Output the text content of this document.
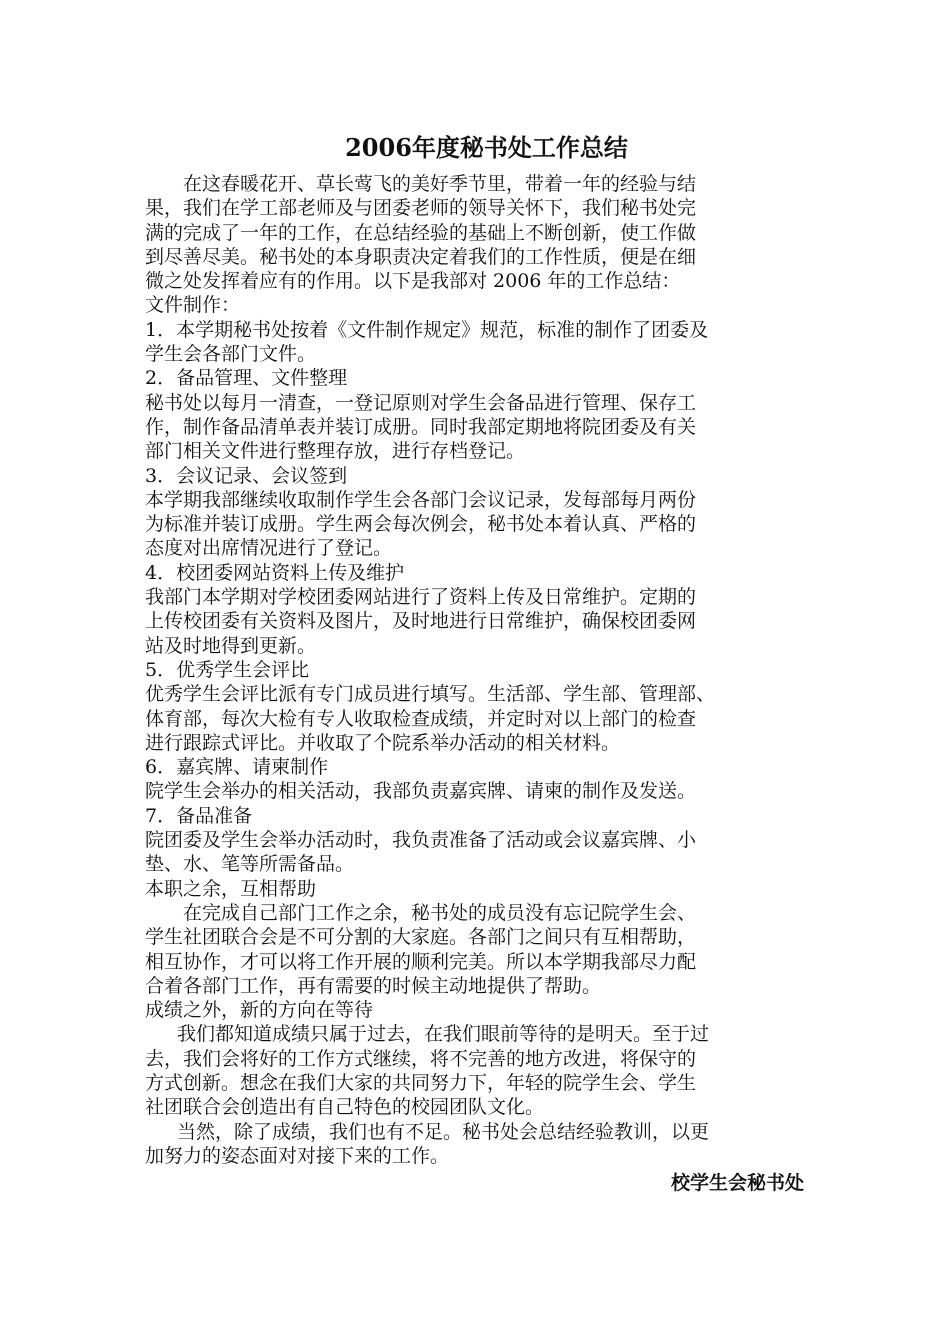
2006年度秘书处工作总结

在这春暖花开、草长莺飞的美好季节里，带着一年的经验与结

果，我们在学工部老师及与团委老师的领导关怀下，我们秘书处完

满的完成了一年的工作，在总结经验的基础上不断创新，使工作做

到尽善尽美。秘书处的本身职责决定着我们的工作性质，便是在细

微之处发挥着应有的作用。以下是我部对 2006 年的工作总结：

文件制作：

1．本学期秘书处按着《文件制作规定》规范，标准的制作了团委及

学生会各部门文件。

2．备品管理、文件整理

秘书处以每月一清查，一登记原则对学生会备品进行管理、保存工

作，制作备品清单表并装订成册。同时我部定期地将院团委及有关

部门相关文件进行整理存放，进行存档登记。

3．会议记录、会议签到

本学期我部继续收取制作学生会各部门会议记录，发每部每月两份

为标准并装订成册。学生两会每次例会，秘书处本着认真、严格的

态度对出席情况进行了登记。

4．校团委网站资料上传及维护

我部门本学期对学校团委网站进行了资料上传及日常维护。定期的

上传校团委有关资料及图片，及时地进行日常维护，确保校团委网

站及时地得到更新。

5．优秀学生会评比

优秀学生会评比派有专门成员进行填写。生活部、学生部、管理部、

体育部，每次大检有专人收取检查成绩，并定时对以上部门的检查

进行跟踪式评比。并收取了个院系举办活动的相关材料。

6．嘉宾牌、请柬制作

院学生会举办的相关活动，我部负责嘉宾牌、请柬的制作及发送。

7．备品准备

院团委及学生会举办活动时，我负责准备了活动或会议嘉宾牌、小

垫、水、笔等所需备品。

本职之余，互相帮助

在完成自己部门工作之余，秘书处的成员没有忘记院学生会、

学生社团联合会是不可分割的大家庭。各部门之间只有互相帮助，

相互协作，才可以将工作开展的顺利完美。所以本学期我部尽力配

合着各部门工作，再有需要的时候主动地提供了帮助。

成绩之外，新的方向在等待

我们都知道成绩只属于过去，在我们眼前等待的是明天。至于过

去，我们会将好的工作方式继续，将不完善的地方改进，将保守的

方式创新。想念在我们大家的共同努力下，年轻的院学生会、学生

社团联合会创造出有自己特色的校园团队文化。

当然，除了成绩，我们也有不足。秘书处会总结经验教训，以更

加努力的姿态面对对接下来的工作。

校学生会秘书处
